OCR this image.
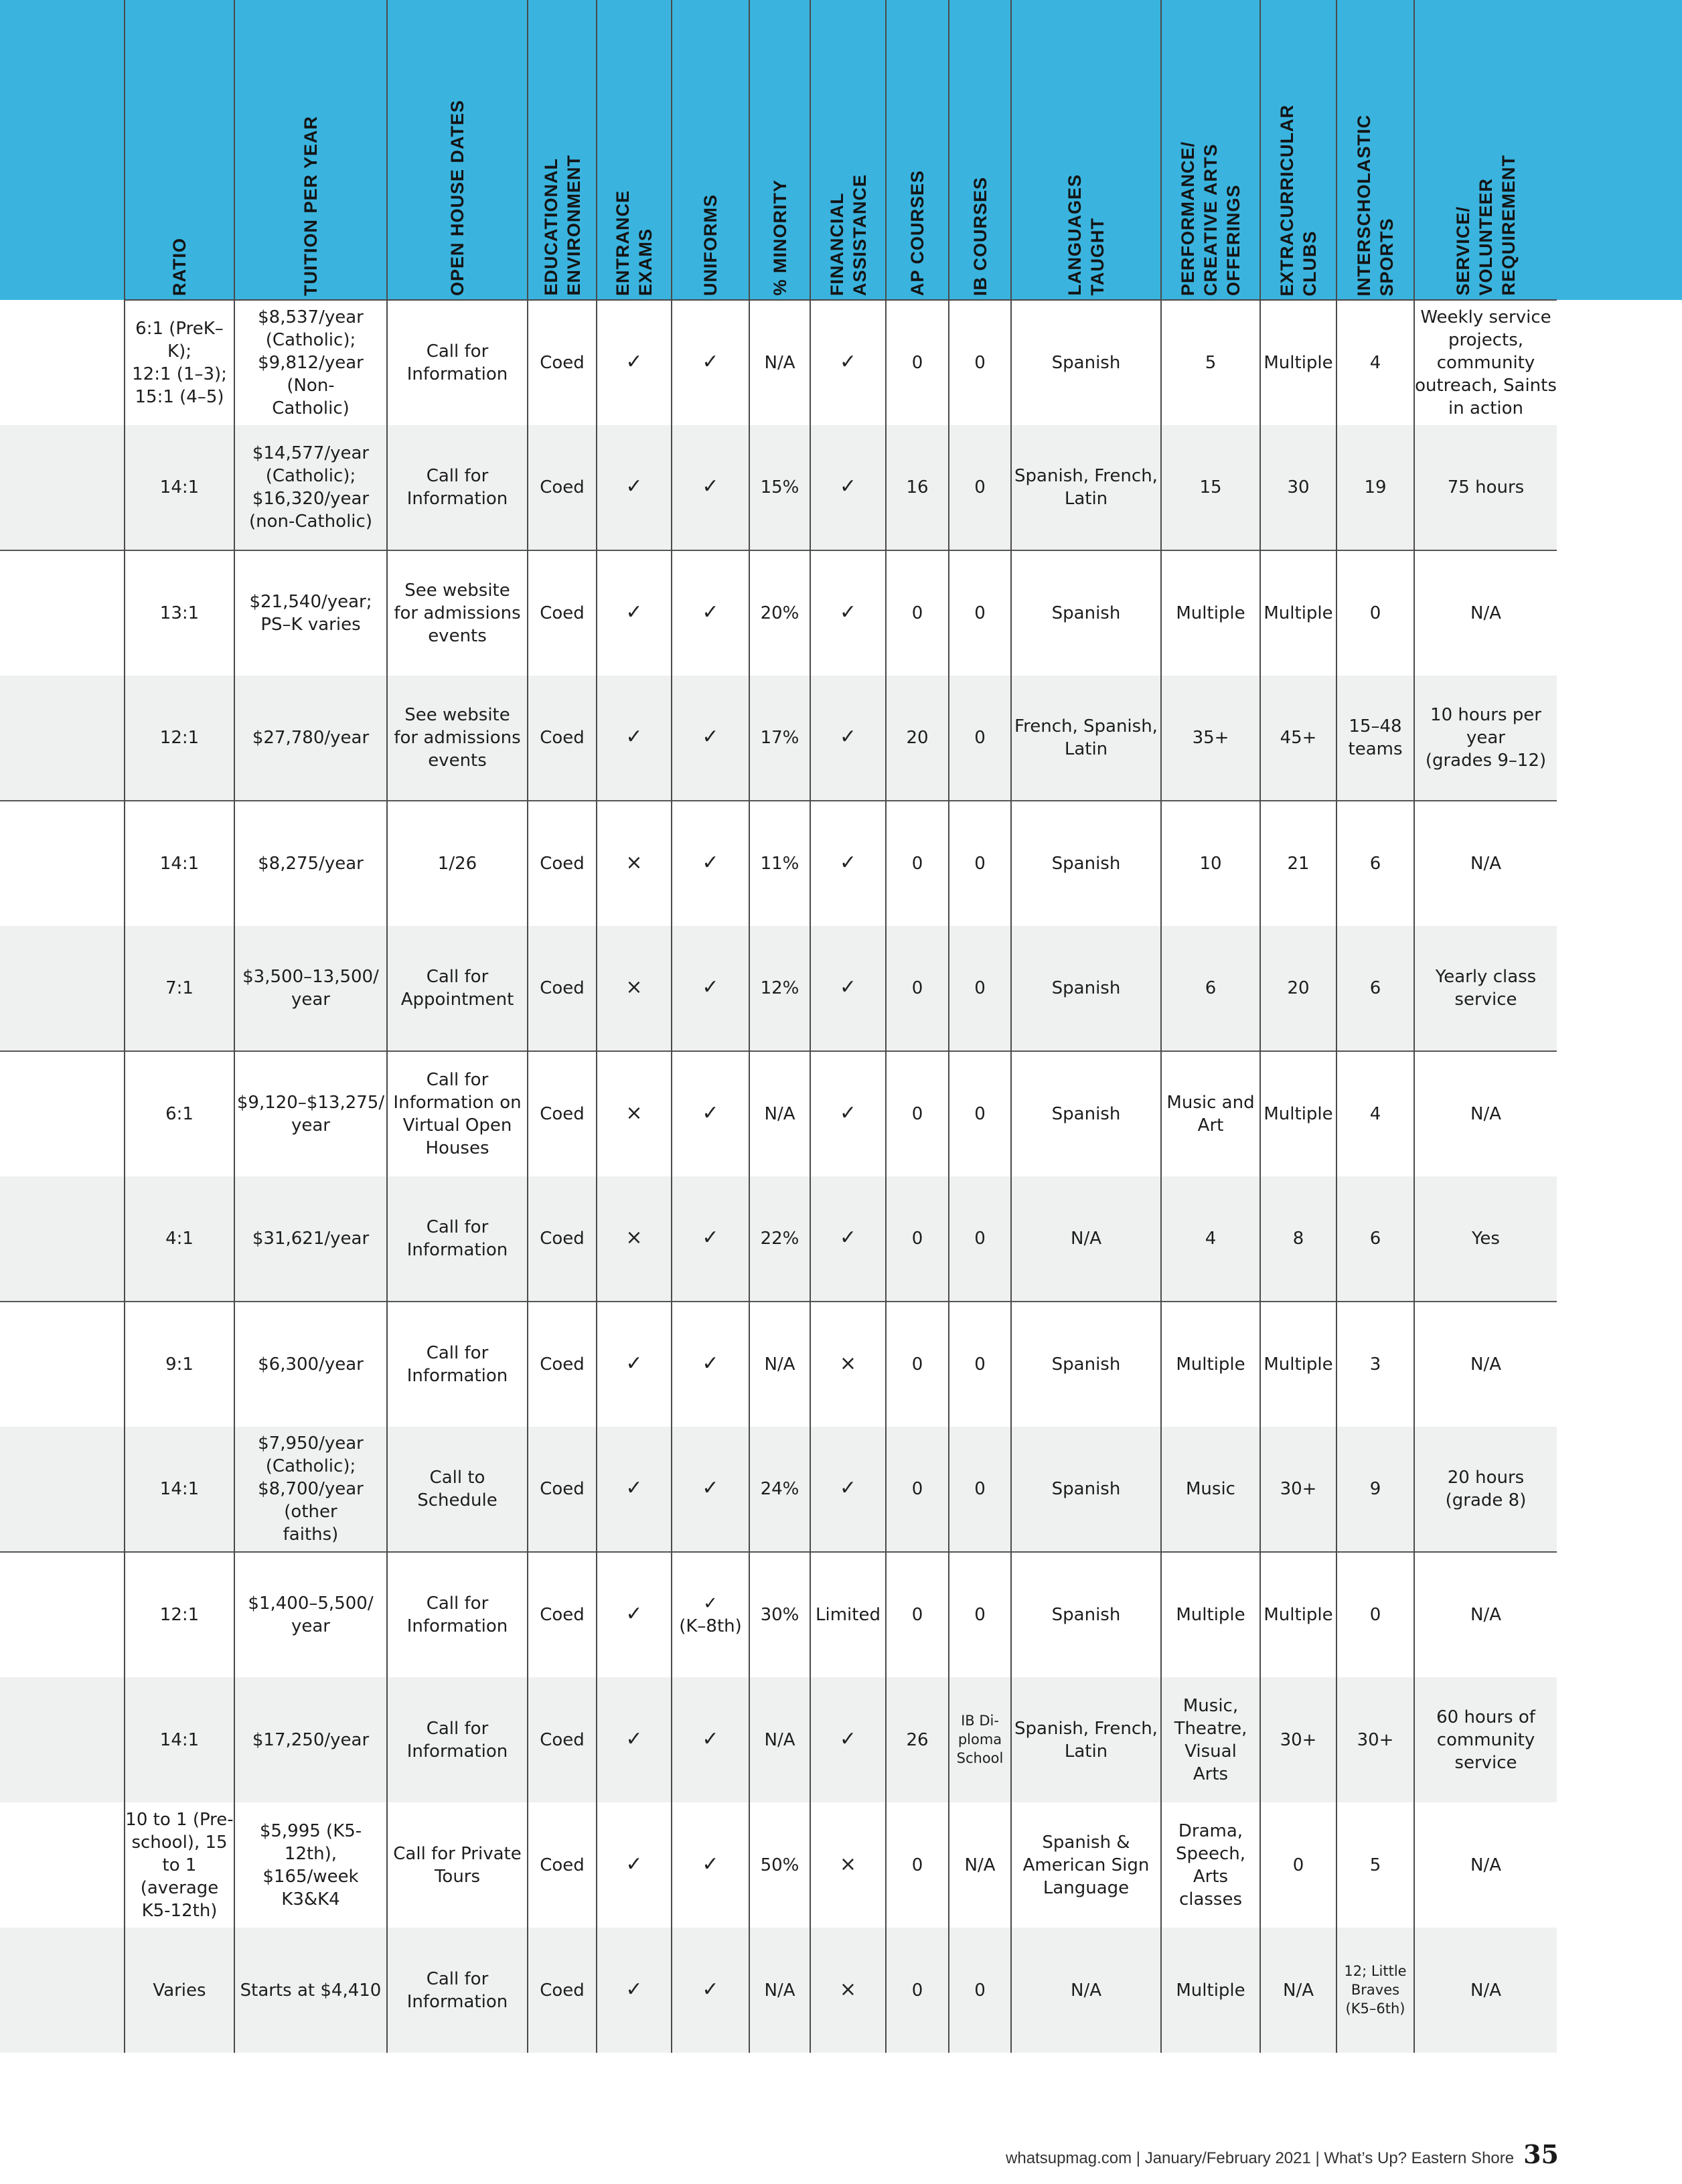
	RATIO	TUITION PER YEAR	OPEN HOUSE DATES	EDUCATIONAL
ENVIRONMENT	ENTRANCE
EXAMS	UNIFORMS	% MINORITY	FINANCIAL
ASSISTANCE	AP COURSES	IB COURSES	LANGUAGES
TAUGHT	PERFORMANCE/
CREATIVE ARTS
OFFERINGS	EXTRACURRICULAR
CLUBS	INTERSCHOLASTIC
SPORTS	SERVICE/
VOLUNTEER
REQUIREMENT
	6:1 (PreK–K);
12:1 (1–3);
15:1 (4–5)	$8,537/year
(Catholic);
$9,812/year (Non-
Catholic)	Call for
Information	Coed	✓	✓	N/A	✓	0	0	Spanish	5	Multiple	4	Weekly service
projects,
community
outreach, Saints
in action
	14:1	$14,577/year
(Catholic);
$16,320/year
(non-Catholic)	Call for
Information	Coed	✓	✓	15%	✓	16	0	Spanish, French,
Latin	15	30	19	75 hours
	13:1	$21,540/year;
PS–K varies	See website
for admissions
events	Coed	✓	✓	20%	✓	0	0	Spanish	Multiple	Multiple	0	N/A
	12:1	$27,780/year	See website
for admissions
events	Coed	✓	✓	17%	✓	20	0	French, Spanish,
Latin	35+	45+	15–48
teams	10 hours per year
(grades 9–12)
	14:1	$8,275/year	1/26	Coed	×	✓	11%	✓	0	0	Spanish	10	21	6	N/A
	7:1	$3,500–13,500/
year	Call for
Appointment	Coed	×	✓	12%	✓	0	0	Spanish	6	20	6	Yearly class
service
	6:1	$9,120–$13,275/
year	Call for
Information on
Virtual Open
Houses	Coed	×	✓	N/A	✓	0	0	Spanish	Music and
Art	Multiple	4	N/A
	4:1	$31,621/year	Call for
Information	Coed	×	✓	22%	✓	0	0	N/A	4	8	6	Yes
	9:1	$6,300/year	Call for
Information	Coed	✓	✓	N/A	×	0	0	Spanish	Multiple	Multiple	3	N/A
	14:1	$7,950/year
(Catholic);
$8,700/year (other
faiths)	Call to Schedule	Coed	✓	✓	24%	✓	0	0	Spanish	Music	30+	9	20 hours
(grade 8)
	12:1	$1,400–5,500/
year	Call for
Information	Coed	✓	✓
(K–8th)	30%	Limited	0	0	Spanish	Multiple	Multiple	0	N/A
	14:1	$17,250/year	Call for
Information	Coed	✓	✓	N/A	✓	26	IB Di-
ploma
School	Spanish, French,
Latin	Music,
Theatre,
Visual
Arts	30+	30+	60 hours of
community
service
	10 to 1 (Pre-
school), 15
to 1 (average
K5-12th)	$5,995 (K5-12th),
$165/week K3&K4	Call for Private
Tours	Coed	✓	✓	50%	×	0	N/A	Spanish &
American Sign
Language	Drama,
Speech,
Arts
classes	0	5	N/A
	Varies	Starts at $4,410	Call for
Information	Coed	✓	✓	N/A	×	0	0	N/A	Multiple	N/A	12; Little
Braves
(K5–6th)	N/A
whatsupmag.com | January/February 2021 | What’s Up? Eastern Shore 35
